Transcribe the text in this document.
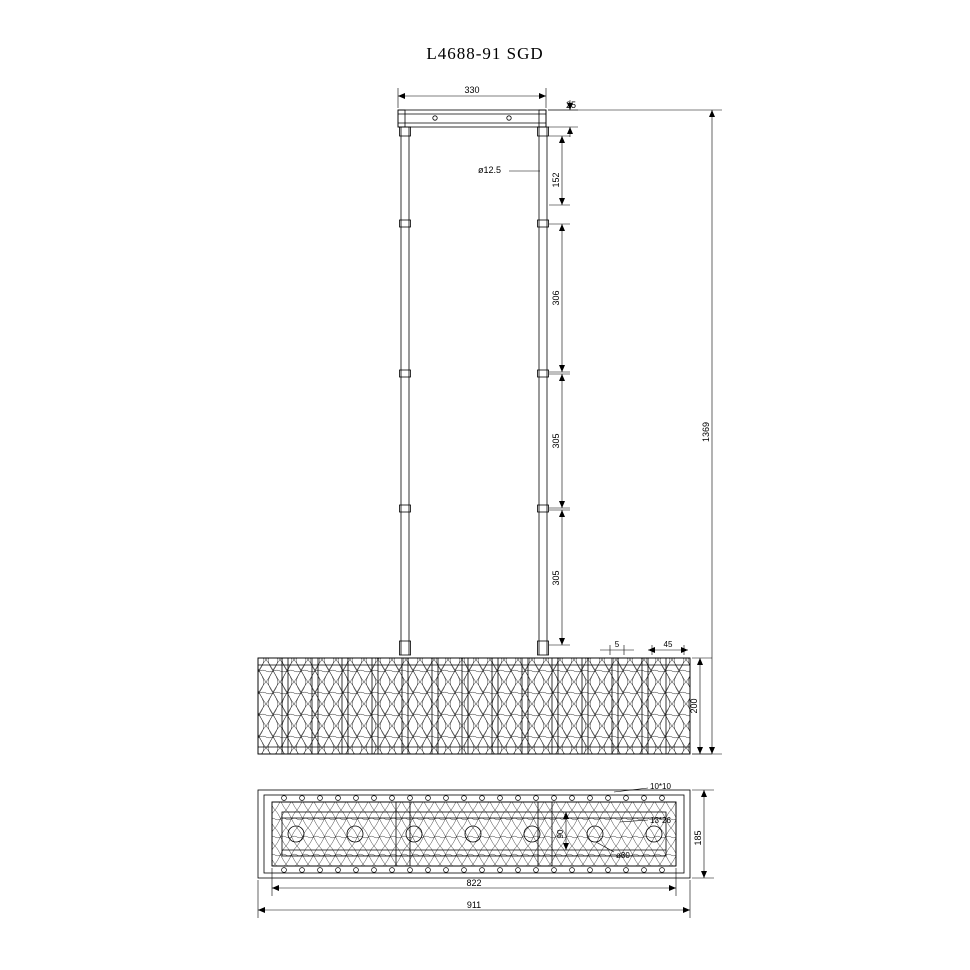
L4688-91 SGD
330
25
ø12.5
152
306
305
305
1369
200
5	45
185
822
911
10*10
13*26
ø30
90
